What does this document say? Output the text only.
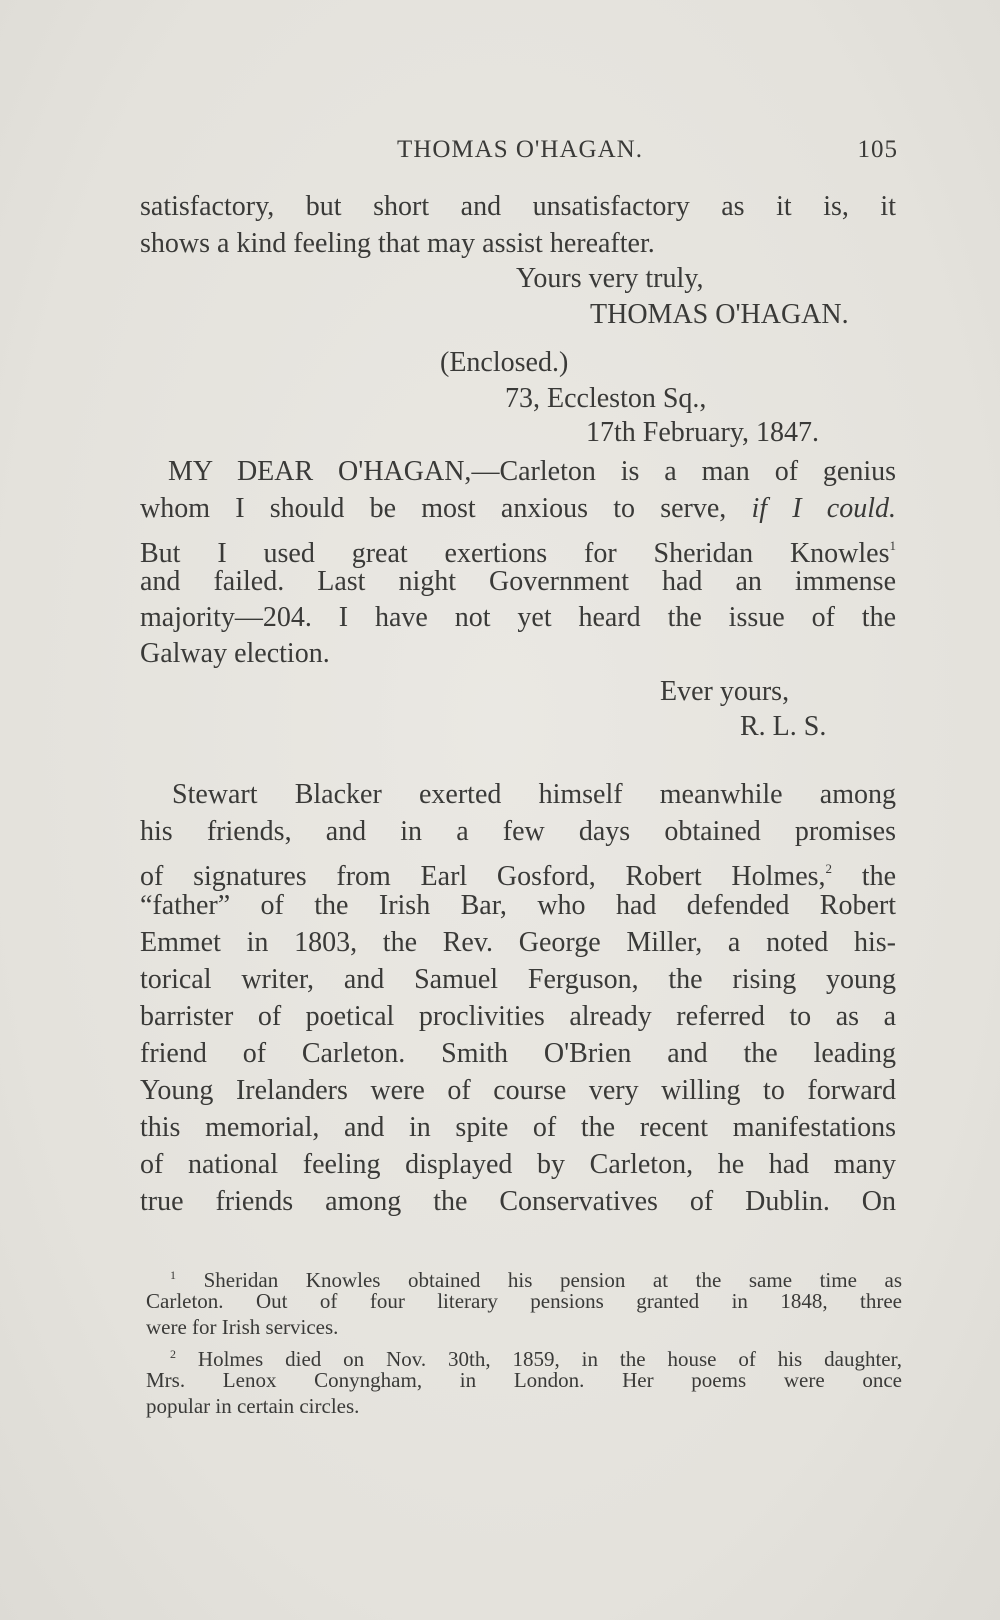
THOMAS O'HAGAN.	105
satisfactory, but short and unsatisfactory as it is, it
shows a kind feeling that may assist hereafter.
Yours very truly,
THOMAS O'HAGAN.
(Enclosed.)
73, Eccleston Sq.,
17th February, 1847.
MY DEAR O'HAGAN,—Carleton is a man of genius
whom I should be most anxious to serve, if I could.
But I used great exertions for Sheridan Knowles$^1$
and failed. Last night Government had an immense
majority—204. I have not yet heard the issue of the
Galway election.
Ever yours,
R. L. S.
Stewart Blacker exerted himself meanwhile among
his friends, and in a few days obtained promises
of signatures from Earl Gosford, Robert Holmes,$^2$ the
“father” of the Irish Bar, who had defended Robert
Emmet in 1803, the Rev. George Miller, a noted his-
torical writer, and Samuel Ferguson, the rising young
barrister of poetical proclivities already referred to as a
friend of Carleton. Smith O'Brien and the leading
Young Irelanders were of course very willing to forward
this memorial, and in spite of the recent manifestations
of national feeling displayed by Carleton, he had many
true friends among the Conservatives of Dublin. On
$^1$ Sheridan Knowles obtained his pension at the same time as
Carleton. Out of four literary pensions granted in 1848, three
were for Irish services.
$^2$ Holmes died on Nov. 30th, 1859, in the house of his daughter,
Mrs. Lenox Conyngham, in London. Her poems were once
popular in certain circles.
